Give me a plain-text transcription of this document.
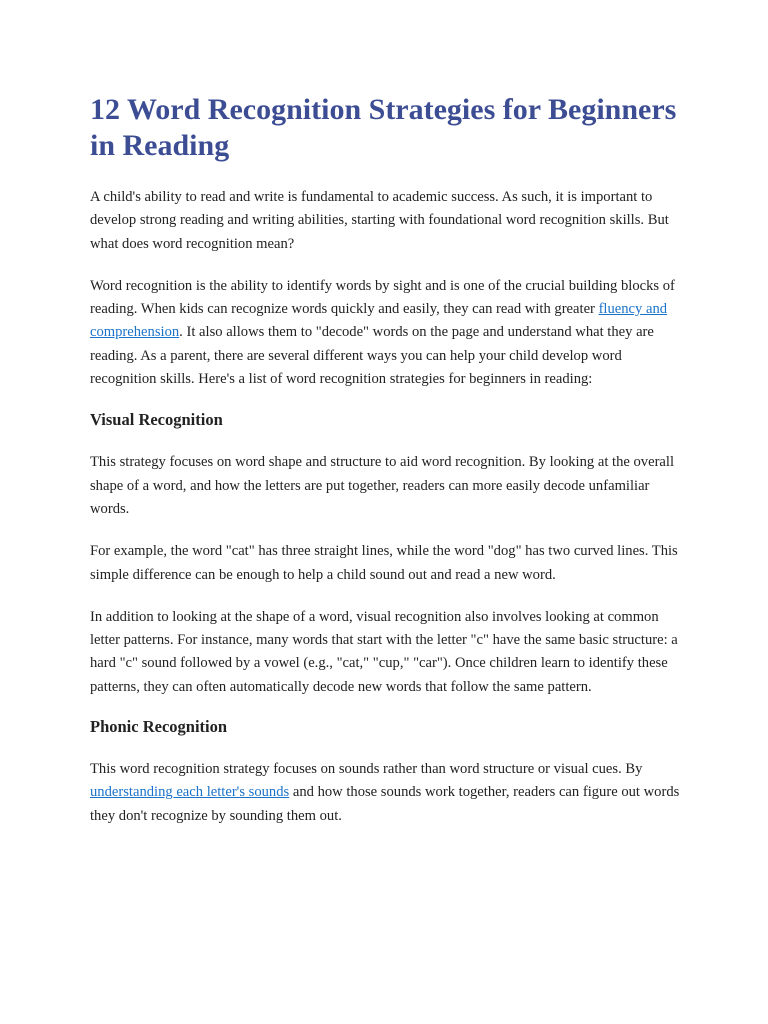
12 Word Recognition Strategies for Beginners in Reading

A child's ability to read and write is fundamental to academic success. As such, it is important to develop strong reading and writing abilities, starting with foundational word recognition skills. But what does word recognition mean?

Word recognition is the ability to identify words by sight and is one of the crucial building blocks of reading. When kids can recognize words quickly and easily, they can read with greater fluency and comprehension. It also allows them to "decode" words on the page and understand what they are reading. As a parent, there are several different ways you can help your child develop word recognition skills. Here's a list of word recognition strategies for beginners in reading:

Visual Recognition

This strategy focuses on word shape and structure to aid word recognition. By looking at the overall shape of a word, and how the letters are put together, readers can more easily decode unfamiliar words.

For example, the word "cat" has three straight lines, while the word "dog" has two curved lines. This simple difference can be enough to help a child sound out and read a new word.

In addition to looking at the shape of a word, visual recognition also involves looking at common letter patterns. For instance, many words that start with the letter "c" have the same basic structure: a hard "c" sound followed by a vowel (e.g., "cat," "cup," "car"). Once children learn to identify these patterns, they can often automatically decode new words that follow the same pattern.

Phonic Recognition

This word recognition strategy focuses on sounds rather than word structure or visual cues. By understanding each letter's sounds and how those sounds work together, readers can figure out words they don't recognize by sounding them out.
